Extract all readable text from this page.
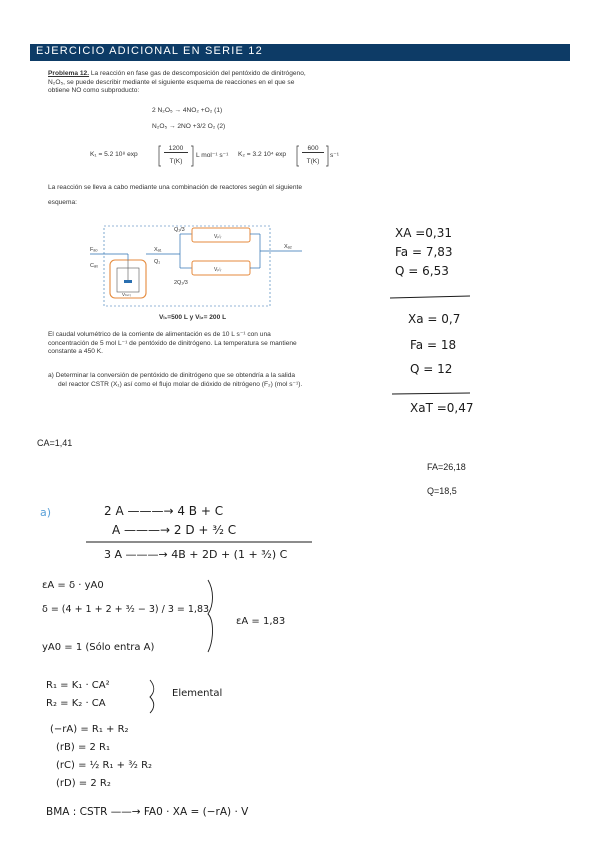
EJERCICIO ADICIONAL EN SERIE 12
Problema 12. La reacción en fase gas de descomposición del pentóxido de dinitrógeno,
N₂O₅, se puede describir mediante el siguiente esquema de reacciones en el que se
obtiene NO como subproducto:
2 N₂O₅ → 4NO₂ +O₂ (1)
N₂O₅ → 2NO +3/2 O₂ (2)
K₁ = 5.2 10⁸ exp
1200
T(K)
L mol⁻¹ s⁻¹ K₂ = 3.2 10⁴ exp
600
T(K)
s⁻¹
La reacción se lleva a cabo mediante una combinación de reactores según el siguiente
esquema:
Fₐ₀
Cₐ₀
Xₐ₁
Q₁
Q₁/3
2Q₁/3
Vₚⁱᵣ
Vₚⁱᵣ
Vₙₛₜᵣ
Xₐ₂
Vₗ₁=500 L y Vₗ₂= 200 L
El caudal volumétrico de la corriente de alimentación es de 10 L s⁻¹ con una
concentración de 5 mol L⁻¹ de pentóxido de dinitrógeno. La temperatura se mantiene
constante a 450 K.
a) Determinar la conversión de pentóxido de dinitrógeno que se obtendría a la salida
del reactor CSTR (X₁) así como el flujo molar de dióxido de nitrógeno (F₂) (mol s⁻¹).
XA =0,31
Fa = 7,83
Q = 6,53
Xa = 0,7
Fa = 18
Q = 12
XaT =0,47
CA=1,41
FA=26,18
Q=18,5
a)	2 A ———→ 4 B + C
A ———→ 2 D + ³⁄₂ C
3 A ———→ 4B + 2D + (1 + ³⁄₂) C
εA = δ · yA0
δ = (4 + 1 + 2 + ³⁄₂ − 3) / 3 = 1,83
yA0 = 1 (Sólo entra A)
εA = 1,83
R₁ = K₁ · CA²
R₂ = K₂ · CA
Elemental
(−rA) = R₁ + R₂
(rB) = 2 R₁
(rC) = ½ R₁ + ³⁄₂ R₂
(rD) = 2 R₂
BMA : CSTR ——→ FA0 · XA = (−rA) · V
